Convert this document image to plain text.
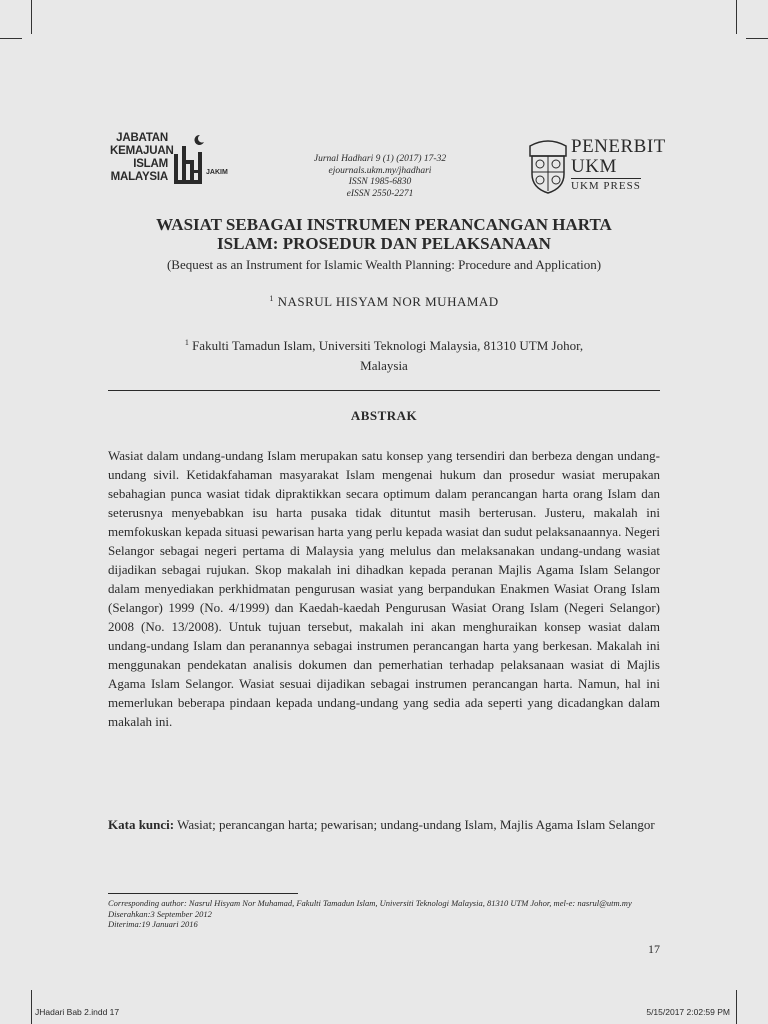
JABATAN
KEMAJUAN
ISLAM
MALAYSIA	JAKIM
Jurnal Hadhari 9 (1) (2017) 17-32
ejournals.ukm.my/jhadhari
ISSN 1985-6830
eISSN 2550-2271
PENERBIT
UKM
UKM PRESS
WASIAT SEBAGAI INSTRUMEN PERANCANGAN HARTA
ISLAM: PROSEDUR DAN PELAKSANAAN
(Bequest as an Instrument for Islamic Wealth Planning: Procedure and Application)
$^1$ NASRUL HISYAM NOR MUHAMAD
$^1$ Fakulti Tamadun Islam, Universiti Teknologi Malaysia, 81310 UTM Johor,
Malaysia
ABSTRAK

Wasiat dalam undang-undang Islam merupakan satu konsep yang tersendiri dan berbeza dengan undang-undang sivil. Ketidakfahaman masyarakat Islam mengenai hukum dan prosedur wasiat merupakan sebahagian punca wasiat tidak dipraktikkan secara optimum dalam perancangan harta orang Islam dan seterusnya menyebabkan isu harta pusaka tidak dituntut masih berterusan. Justeru, makalah ini memfokuskan kepada situasi pewarisan harta yang perlu kepada wasiat dan sudut pelaksanaannya. Negeri Selangor sebagai negeri pertama di Malaysia yang melulus dan melaksanakan undang-undang wasiat dijadikan sebagai rujukan. Skop makalah ini dihadkan kepada peranan Majlis Agama Islam Selangor dalam menyediakan perkhidmatan pengurusan wasiat yang berpandukan Enakmen Wasiat Orang Islam (Selangor) 1999 (No. 4/1999) dan Kaedah-kaedah Pengurusan Wasiat Orang Islam (Negeri Selangor) 2008 (No. 13/2008). Untuk tujuan tersebut, makalah ini akan menghuraikan konsep wasiat dalam undang-undang Islam dan peranannya sebagai instrumen perancangan harta yang berkesan. Makalah ini menggunakan pendekatan analisis dokumen dan pemerhatian terhadap pelaksanaan wasiat di Majlis Agama Islam Selangor. Wasiat sesuai dijadikan sebagai instrumen perancangan harta. Namun, hal ini memerlukan beberapa pindaan kepada undang-undang yang sedia ada seperti yang dicadangkan dalam makalah ini.

Kata kunci: Wasiat; perancangan harta; pewarisan; undang-undang Islam, Majlis Agama Islam Selangor

Corresponding author: Nasrul Hisyam Nor Muhamad, Fakulti Tamadun Islam, Universiti Teknologi Malaysia, 81310 UTM Johor, mel-e: nasrul@utm.my
Diserahkan:3 September 2012
Diterima:19 Januari 2016
17
JHadari Bab 2.indd 17	5/15/2017 2:02:59 PM
